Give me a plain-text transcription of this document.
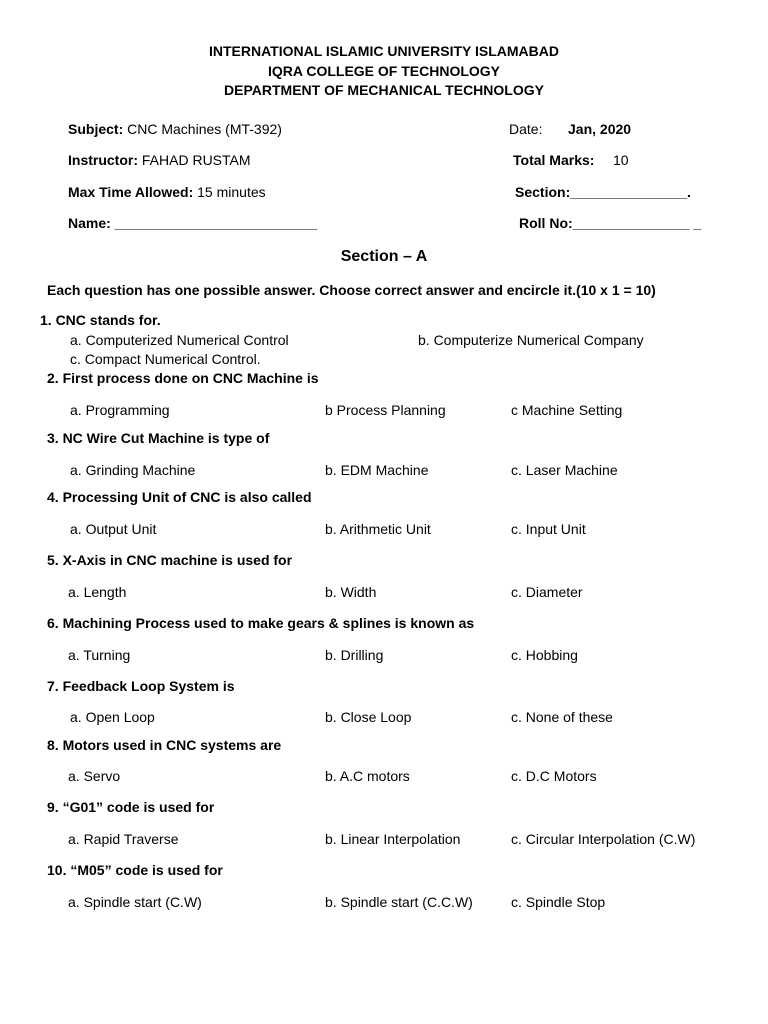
INTERNATIONAL ISLAMIC UNIVERSITY ISLAMABAD
IQRA COLLEGE OF TECHNOLOGY
DEPARTMENT OF MECHANICAL TECHNOLOGY
Subject: CNC Machines (MT-392)	Date: Jan, 2020
Instructor: FAHAD RUSTAM	Total Marks: 10
Max Time Allowed: 15 minutes	Section:_______________.
Name: __________________________	Roll No:_______________ _
Section – A
Each question has one possible answer. Choose correct answer and encircle it.(10 x 1 = 10)
1. CNC stands for.
a. Computerized Numerical Control	b. Computerize Numerical Company
c. Compact Numerical Control.
2. First process done on CNC Machine is
a. Programming	b Process Planning	c Machine Setting
3. NC Wire Cut Machine is type of
a. Grinding Machine	b. EDM Machine	c. Laser Machine
4. Processing Unit of CNC is also called
a. Output Unit	b. Arithmetic Unit	c. Input Unit
5. X-Axis in CNC machine is used for
a. Length	b. Width	c. Diameter
6. Machining Process used to make gears & splines is known as
a. Turning	b. Drilling	c. Hobbing
7. Feedback Loop System is
a. Open Loop	b. Close Loop	c. None of these
8. Motors used in CNC systems are
a. Servo	b. A.C motors	c. D.C Motors
9. “G01” code is used for
a. Rapid Traverse	b. Linear Interpolation	c. Circular Interpolation (C.W)
10. “M05” code is used for
a. Spindle start (C.W)	b. Spindle start (C.C.W)	c. Spindle Stop
